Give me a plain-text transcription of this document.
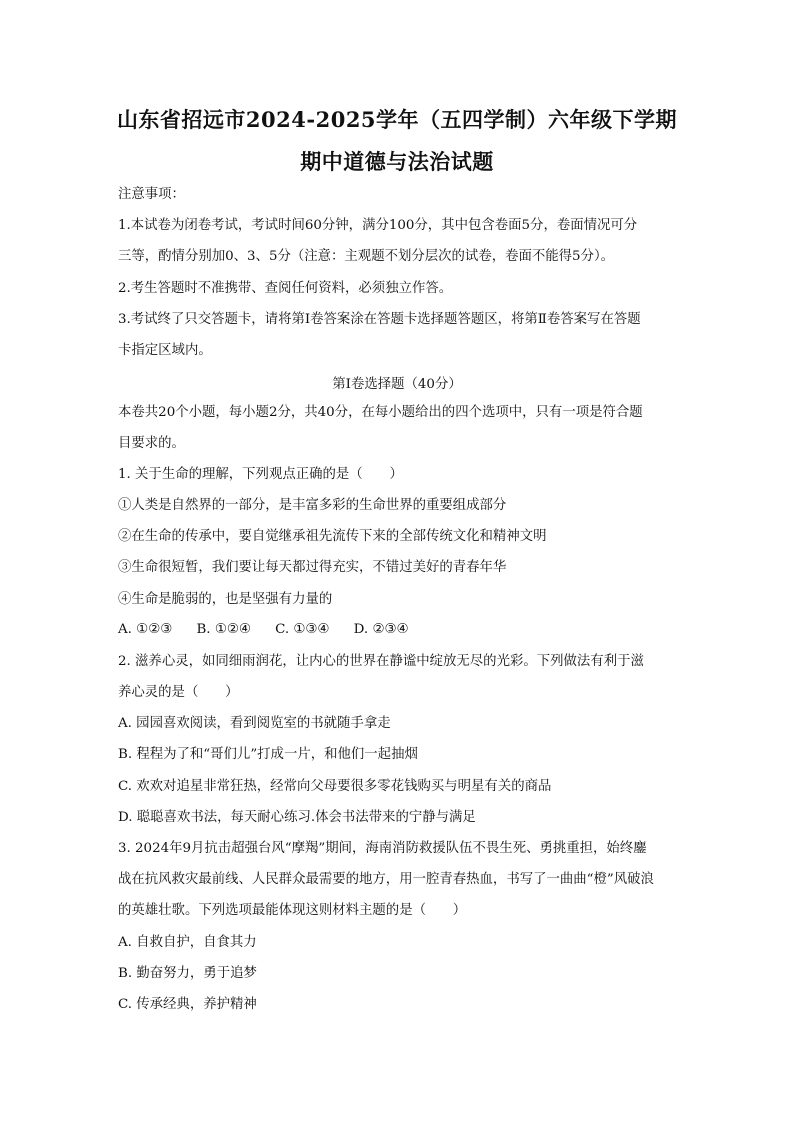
山东省招远市2024-2025学年（五四学制）六年级下学期
期中道德与法治试题
注意事项：
1.本试卷为闭卷考试，考试时间60分钟，满分100分，其中包含卷面5分，卷面情况可分
三等，酌情分别加0、3、5分（注意：主观题不划分层次的试卷，卷面不能得5分）。
2.考生答题时不准携带、查阅任何资料，必须独立作答。
3.考试终了只交答题卡，请将第Ⅰ卷答案涂在答题卡选择题答题区，将第Ⅱ卷答案写在答题
卡指定区域内。
第Ⅰ卷选择题（40分）
本卷共20个小题，每小题2分，共40分，在每小题给出的四个选项中，只有一项是符合题
目要求的。
1. 关于生命的理解，下列观点正确的是（　　）
①人类是自然界的一部分，是丰富多彩的生命世界的重要组成部分
②在生命的传承中，要自觉继承祖先流传下来的全部传统文化和精神文明
③生命很短暂，我们要让每天都过得充实，不错过美好的青春年华
④生命是脆弱的，也是坚强有力量的
A. ①②③ B. ①②④ C. ①③④ D. ②③④
2. 滋养心灵，如同细雨润花，让内心的世界在静谧中绽放无尽的光彩。下列做法有利于滋
养心灵的是（　　）
A. 园园喜欢阅读，看到阅览室的书就随手拿走
B. 程程为了和“哥们儿”打成一片，和他们一起抽烟
C. 欢欢对追星非常狂热，经常向父母要很多零花钱购买与明星有关的商品
D. 聪聪喜欢书法，每天耐心练习.体会书法带来的宁静与满足
3. 2024年9月抗击超强台风“摩羯”期间，海南消防救援队伍不畏生死、勇挑重担，始终鏖
战在抗风救灾最前线、人民群众最需要的地方，用一腔青春热血，书写了一曲曲“橙”风破浪
的英雄壮歌。下列选项最能体现这则材料主题的是（　　）
A. 自救自护，自食其力
B. 勤奋努力，勇于追梦
C. 传承经典，养护精神
